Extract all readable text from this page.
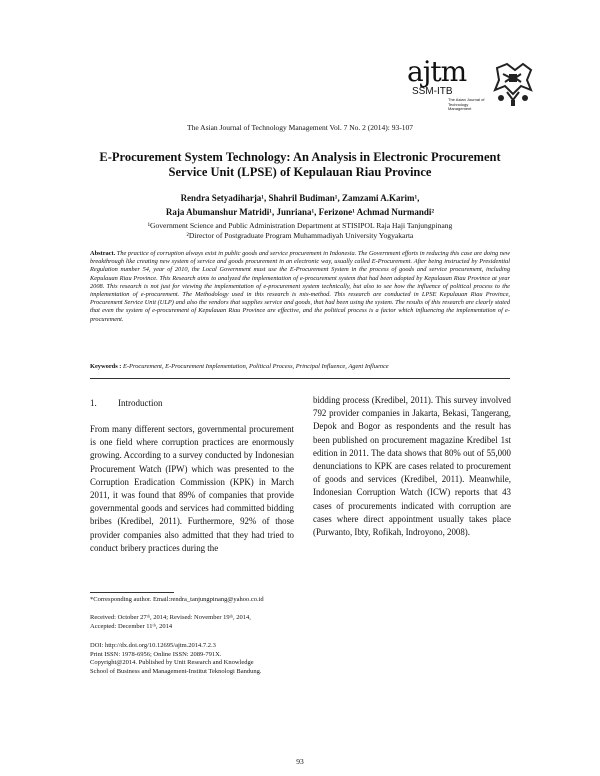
ajtm
SSM-ITB
The Asian Journal of
Technology Management
The Asian Journal of Technology Management Vol. 7 No. 2 (2014): 93-107
E-Procurement System Technology: An Analysis in Electronic Procurement
Service Unit (LPSE) of Kepulauan Riau Province
Rendra Setyadiharja¹, Shahril Budiman¹, Zamzami A.Karim¹,
Raja Abumanshur Matridi¹, Junriana¹, Ferizone¹ Achmad Nurmandi²
¹Government Science and Public Administration Department at STISIPOL Raja Haji Tanjungpinang
²Director of Postgraduate Program Muhammadiyah University Yogyakarta
Abstract. The practice of corruption always exist in public goods and service procurement in Indonesia. The Government efforts in reducing this case are doing new breakthrough like creating new system of service and goods procurement in an electronic way, usually called E-Procurement. After being instructed by Presidential Regulation number 54, year of 2010, the Local Government must use the E-Procurement System in the process of goods and service procurement, including Kepulauan Riau Province. This Research aims to analyzed the implementation of e-procurement system that had been adopted by Kepulauan Riau Province at year 2008. This research is not just for viewing the implementation of e-procurement system technically, but also to see how the influence of political process to the implementation of e-procurement. The Methodology used in this research is mix-method. This research are conducted in LPSE Kepulauan Riau Province, Procurement Service Unit (ULP) and also the vendors that supplies service and goods, that had been using the system. The results of this research are clearly stated that even the system of e-procurement of Kepulauan Riau Province are effective, and the political process is a factor which influencing the implementation of e-procurement.
Keywords : E-Procurement, E-Procurement Implementation, Political Process, Principal Influence, Agent Influence
1. Introduction
From many different sectors, governmental procurement is one field where corruption practices are enormously growing. According to a survey conducted by Indonesian Procurement Watch (IPW) which was presented to the Corruption Eradication Commission (KPK) in March 2011, it was found that 89% of companies that provide governmental goods and services had committed bidding bribes (Kredibel, 2011). Furthermore, 92% of those provider companies also admitted that they had tried to conduct bribery practices during the
bidding process (Kredibel, 2011). This survey involved 792 provider companies in Jakarta, Bekasi, Tangerang, Depok and Bogor as respondents and the result has been published on procurement magazine Kredibel 1st edition in 2011. The data shows that 80% out of 55,000 denunciations to KPK are cases related to procurement of goods and services (Kredibel, 2011). Meanwhile, Indonesian Corruption Watch (ICW) reports that 43 cases of procurements indicated with corruption are cases where direct appointment usually takes place (Purwanto, Ibty, Rofikah, Indroyono, 2008).
*Corresponding author. Email:rendra_tanjungpinang@yahoo.co.id
Received: October 27ᵗʰ, 2014; Revised: November 19ᵗʰ, 2014,
Accepted: December 11ᵗʰ, 2014
DOI: http://dx.doi.org/10.12695/ajtm.2014.7.2.3
Print ISSN: 1978-6956; Online ISSN: 2089-791X.
Copyright@2014. Published by Unit Research and Knowledge
School of Business and Management-Institut Teknologi Bandung.
93
